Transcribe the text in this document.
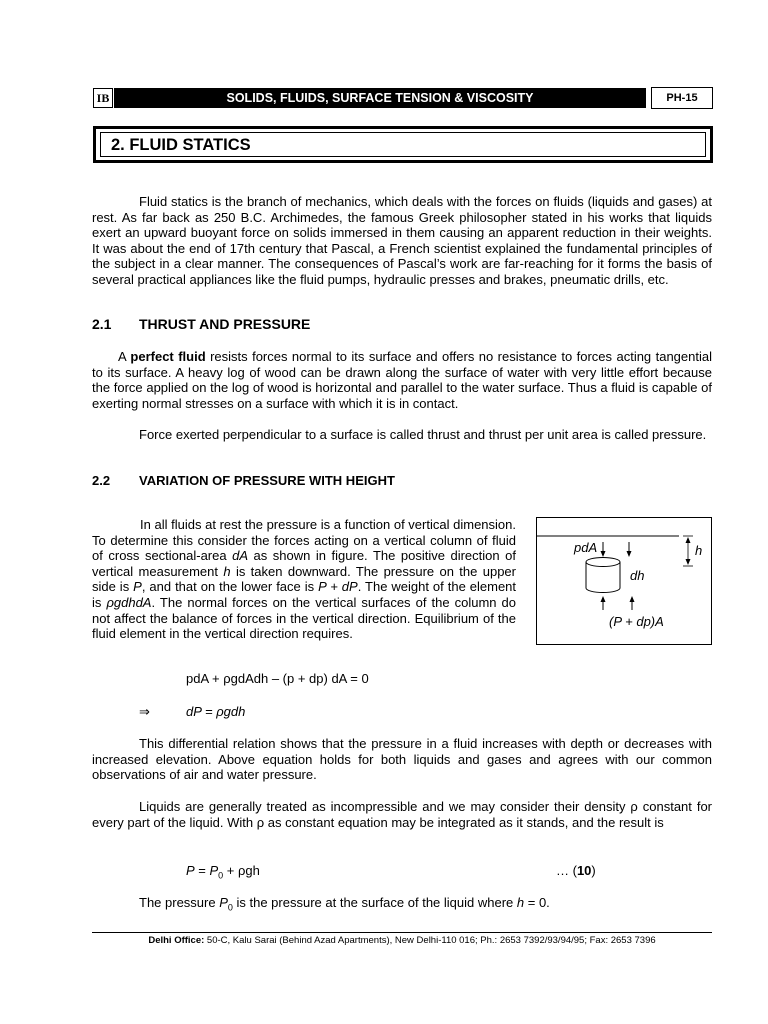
IB	SOLIDS, FLUIDS, SURFACE TENSION & VISCOSITY	PH-15
2. FLUID STATICS
Fluid statics is the branch of mechanics, which deals with the forces on fluids (liquids and gases) at rest. As far back as 250 B.C. Archimedes, the famous Greek philosopher stated in his works that liquids exert an upward buoyant force on solids immersed in them causing an apparent reduction in their weights. It was about the end of 17th century that Pascal, a French scientist explained the fundamental principles of the subject in a clear manner. The consequences of Pascal’s work are far-reaching for it forms the basis of several practical appliances like the fluid pumps, hydraulic presses and brakes, pneumatic drills, etc.
2.1 THRUST AND PRESSURE
A perfect fluid resists forces normal to its surface and offers no resistance to forces acting tangential to its surface. A heavy log of wood can be drawn along the surface of water with very little effort because the force applied on the log of wood is horizontal and parallel to the water surface. Thus a fluid is capable of exerting normal stresses on a surface with which it is in contact.
Force exerted perpendicular to a surface is called thrust and thrust per unit area is called pressure.
2.2 VARIATION OF PRESSURE WITH HEIGHT
In all fluids at rest the pressure is a function of vertical dimension. To determine this consider the forces acting on a vertical column of fluid of cross sectional-area dA as shown in figure. The positive direction of vertical measurement h is taken downward. The pressure on the upper side is P, and that on the lower face is P + dP. The weight of the element is ρgdhdA. The normal forces on the vertical surfaces of the column do not affect the balance of forces in the vertical direction. Equilibrium of the fluid element in the vertical direction requires.
pdA
dh
h
(P + dp)A
pdA + ρgdAdh – (p + dp) dA = 0
⇒	dP = ρgdh
This differential relation shows that the pressure in a fluid increases with depth or decreases with increased elevation. Above equation holds for both liquids and gases and agrees with our common observations of air and water pressure.
Liquids are generally treated as incompressible and we may consider their density ρ constant for every part of the liquid. With ρ as constant equation may be integrated as it stands, and the result is
$P = P_0 + \rho gh$	… (10)
The pressure $P_0$ is the pressure at the surface of the liquid where h = 0.
Delhi Office: 50-C, Kalu Sarai (Behind Azad Apartments), New Delhi-110 016; Ph.: 2653 7392/93/94/95; Fax: 2653 7396
